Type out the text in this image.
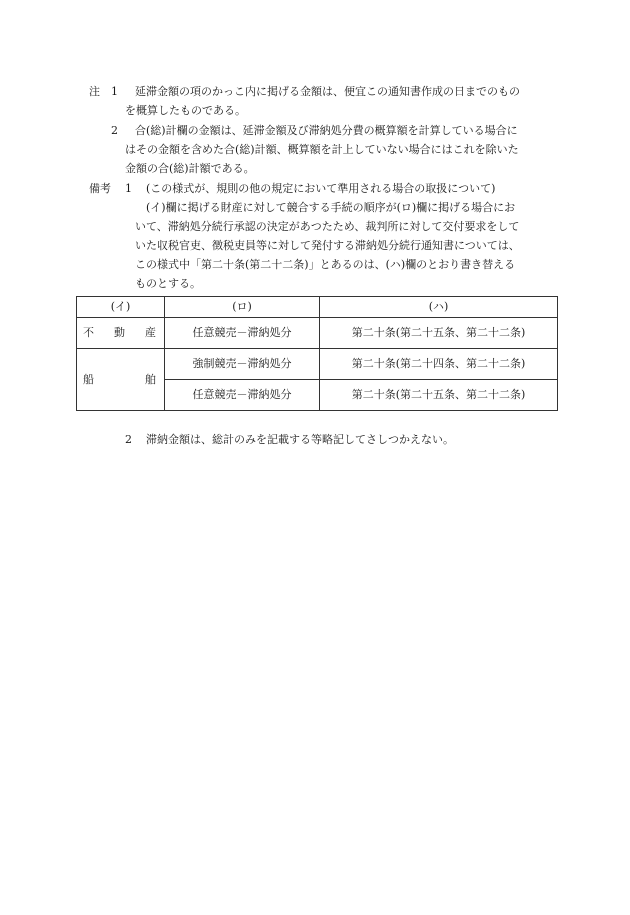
注 1 延滞金額の項のかっこ内に掲げる金額は、便宜この通知書作成の日までのもの
を概算したものである。
2 合(総)計欄の金額は、延滞金額及び滞納処分費の概算額を計算している場合に
はその金額を含めた合(総)計額、概算額を計上していない場合にはこれを除いた
金額の合(総)計額である。
備考 1 (この様式が、規則の他の規定において準用される場合の取扱について)
(イ)欄に掲げる財産に対して競合する手続の順序が(ロ)欄に掲げる場合にお
いて、滞納処分続行承認の決定があつたため、裁判所に対して交付要求をして
いた収税官吏、徴税吏員等に対して発付する滞納処分続行通知書については、
この様式中「第二十条(第二十二条)」とあるのは、(ハ)欄のとおり書き替える
ものとする。
(イ)	(ロ)	(ハ)

不 動 産	任意競売－滞納処分	第二十条(第二十五条、第二十二条)

船 舶	強制競売－滞納処分	第二十条(第二十四条、第二十二条)
	任意競売－滞納処分	第二十条(第二十五条、第二十二条)
2 滞納金額は、総計のみを記載する等略記してさしつかえない。
